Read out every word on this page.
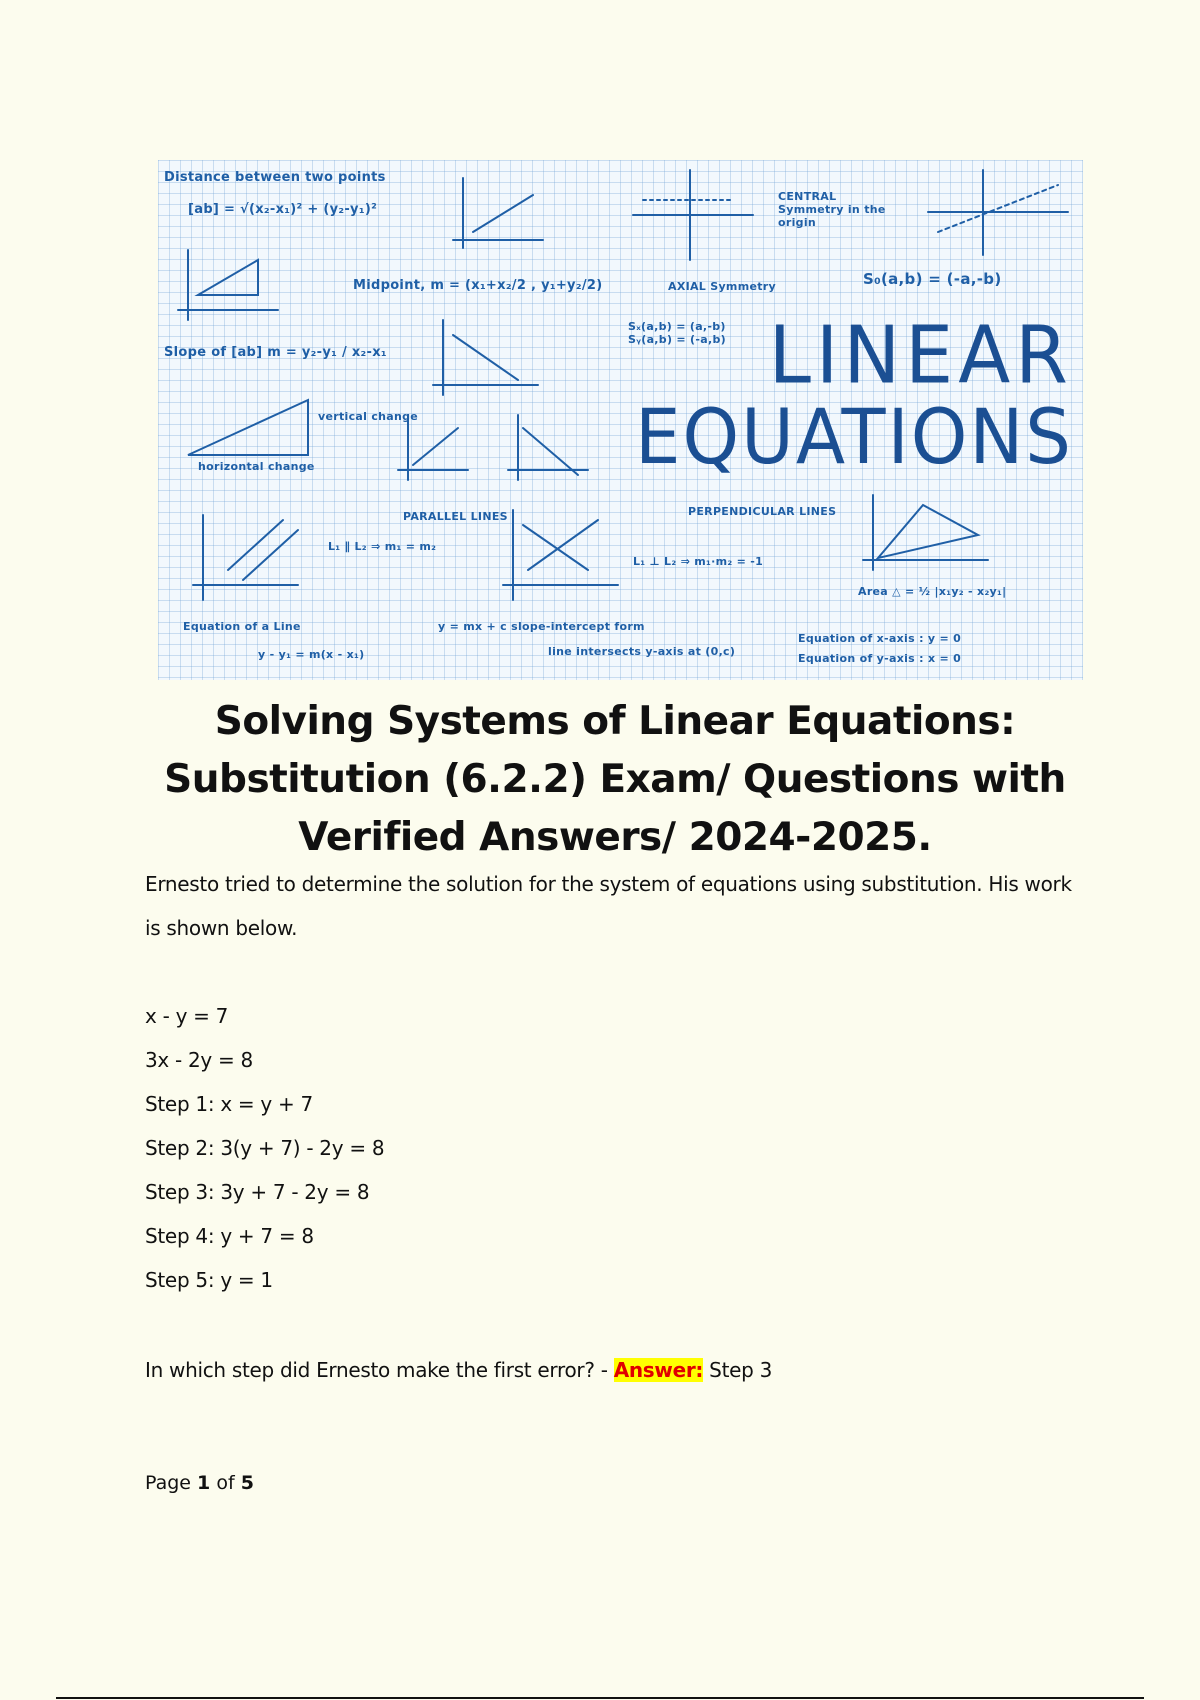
Distance between two points
[ab] = √(x₂-x₁)² + (y₂-y₁)²
Midpoint, m = (x₁+x₂/2 , y₁+y₂/2)
Slope of [ab] m = y₂-y₁ / x₂-x₁
vertical change
horizontal change
CENTRAL Symmetry in the origin
S₀(a,b) = (-a,-b)
AXIAL Symmetry
Sₓ(a,b) = (a,-b) Sᵧ(a,b) = (-a,b)
PARALLEL LINES
L₁ ∥ L₂ ⇒ m₁ = m₂
PERPENDICULAR LINES
L₁ ⊥ L₂ ⇒ m₁·m₂ = -1
Area △ = ½ |x₁y₂ - x₂y₁|
Equation of a Line
y - y₁ = m(x - x₁)
y = mx + c slope-intercept form
line intersects y-axis at (0,c)
Equation of x-axis : y = 0
Equation of y-axis : x = 0
LINEAR
EQUATIONS
Solving Systems of Linear Equations: Substitution (6.2.2) Exam/ Questions with Verified Answers/ 2024-2025.
Ernesto tried to determine the solution for the system of equations using substitution. His work is shown below.
x - y = 7
3x - 2y = 8
Step 1: x = y + 7
Step 2: 3(y + 7) - 2y = 8
Step 3: 3y + 7 - 2y = 8
Step 4: y + 7 = 8
Step 5: y = 1
In which step did Ernesto make the first error? - Answer: Step 3
Page 1 of 5
